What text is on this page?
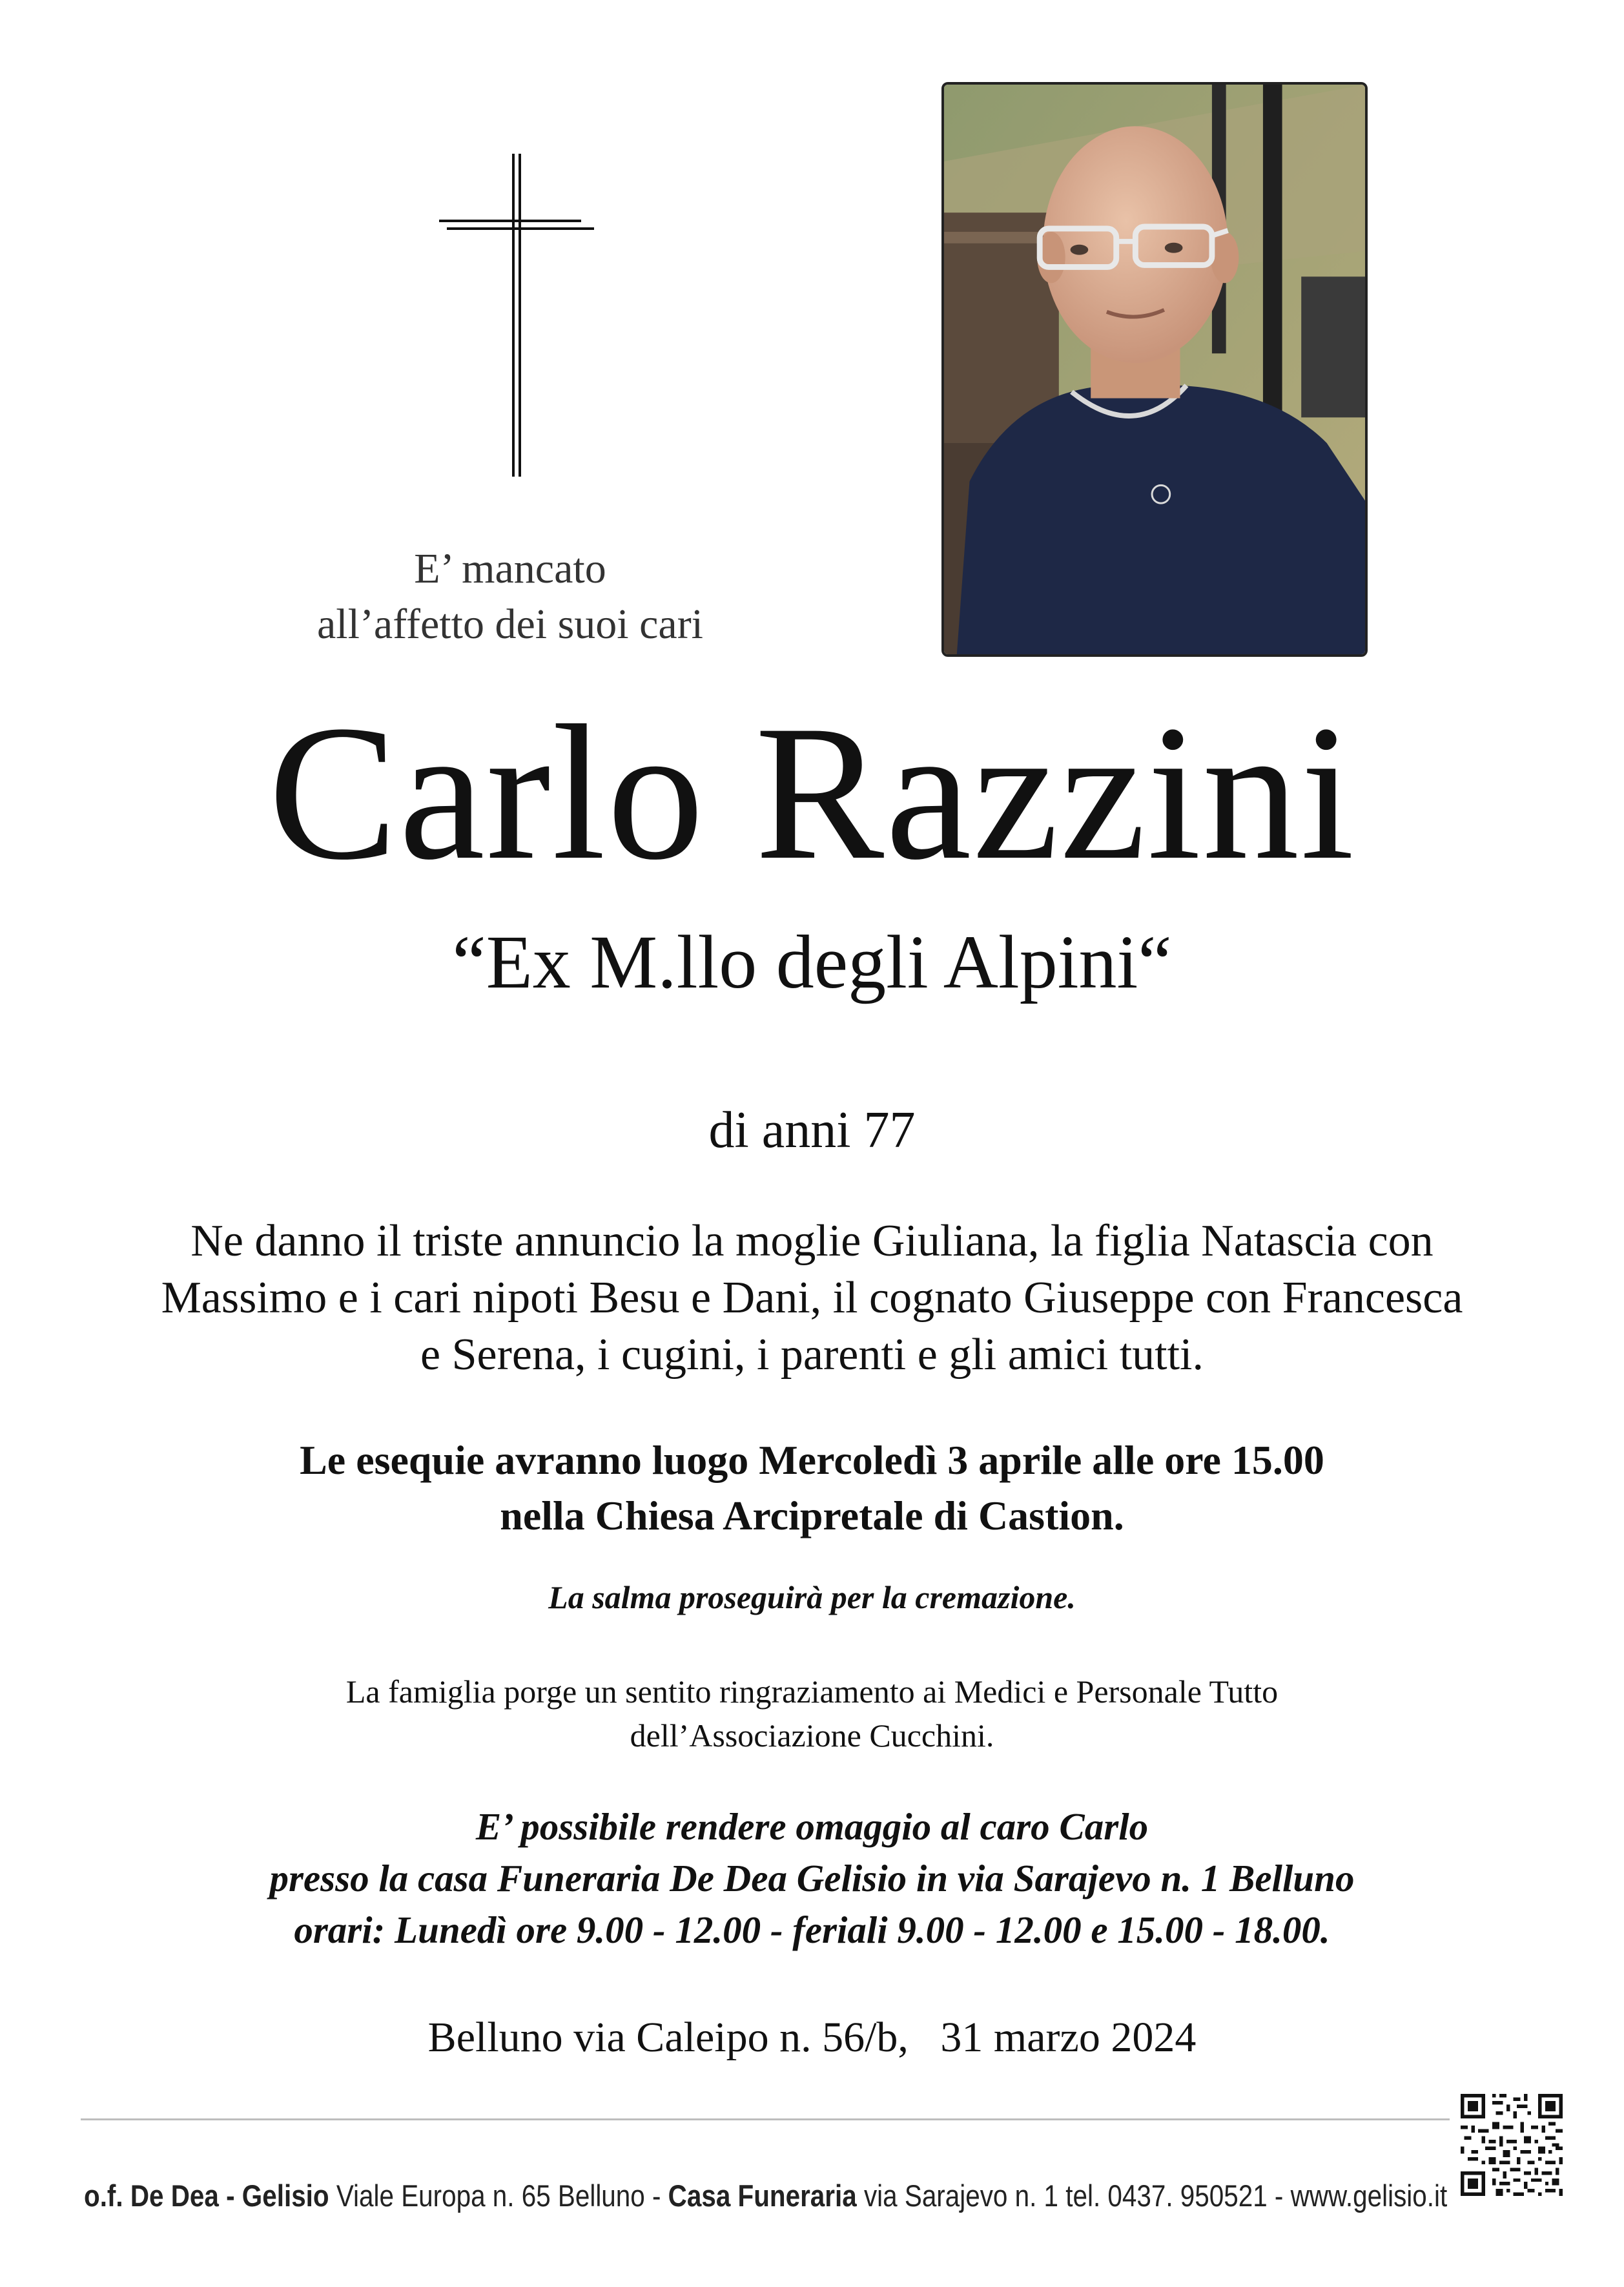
E’ mancato
all’affetto dei suoi cari
Carlo Razzini
“Ex M.llo degli Alpini“
di anni 77
Ne danno il triste annuncio la moglie Giuliana, la figlia Natascia con
Massimo e i cari nipoti Besu e Dani, il cognato Giuseppe con Francesca
e Serena, i cugini, i parenti e gli amici tutti.
Le esequie avranno luogo Mercoledì 3 aprile alle ore 15.00
nella Chiesa Arcipretale di Castion.
La salma proseguirà per la cremazione.
La famiglia porge un sentito ringraziamento ai Medici e Personale Tutto
dell’Associazione Cucchini.
E’ possibile rendere omaggio al caro Carlo
presso la casa Funeraria De Dea Gelisio in via Sarajevo n. 1 Belluno
orari: Lunedì ore 9.00 - 12.00 - feriali 9.00 - 12.00 e 15.00 - 18.00.
Belluno via Caleipo n. 56/b,   31 marzo 2024
o.f. De Dea - Gelisio Viale Europa n. 65 Belluno - Casa Funeraria via Sarajevo n. 1 tel. 0437. 950521 - www.gelisio.it
